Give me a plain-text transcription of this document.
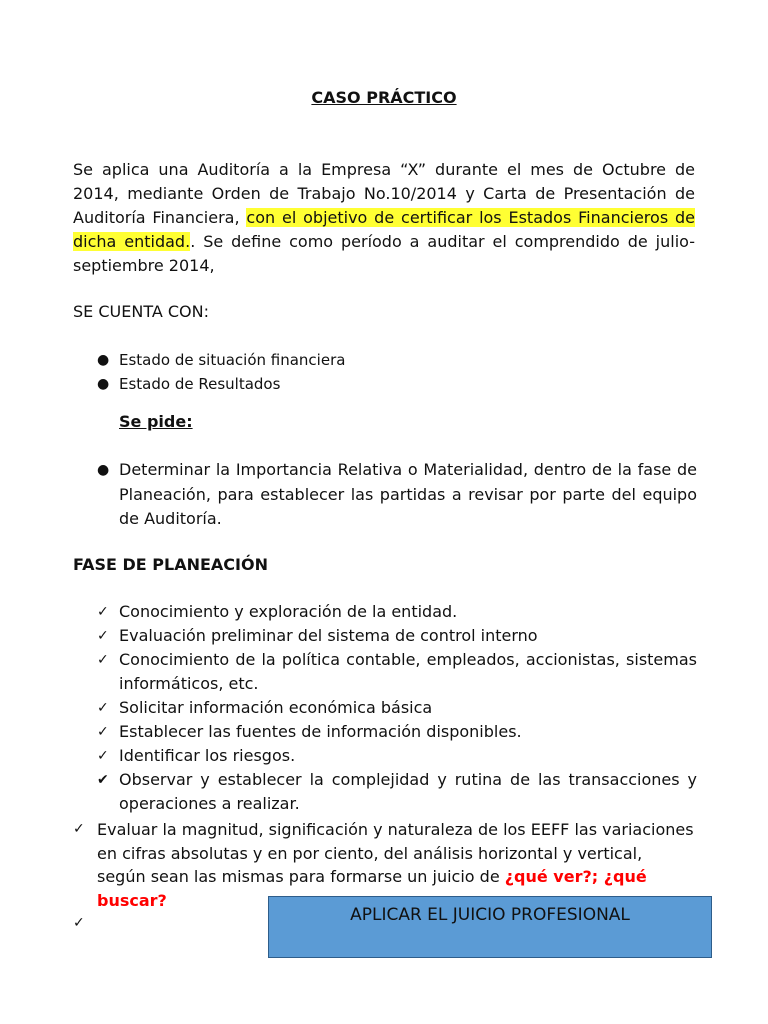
CASO PRÁCTICO
Se aplica una Auditoría a la Empresa “X” durante el mes de Octubre de 2014, mediante Orden de Trabajo No.10/2014 y Carta de Presentación de Auditoría Financiera, con el objetivo de certificar los Estados Financieros de dicha entidad.. Se define como período a auditar el comprendido de julio-septiembre 2014,
SE CUENTA CON:
● Estado de situación financiera
● Estado de Resultados
Se pide:
● Determinar la Importancia Relativa o Materialidad, dentro de la fase de Planeación, para establecer las partidas a revisar por parte del equipo de Auditoría.
FASE DE PLANEACIÓN
✓ Conocimiento y exploración de la entidad.
✓ Evaluación preliminar del sistema de control interno
✓ Conocimiento de la política contable, empleados, accionistas, sistemas informáticos, etc.
✓ Solicitar información económica básica
✓ Establecer las fuentes de información disponibles.
✓ Identificar los riesgos.
✔ Observar y establecer la complejidad y rutina de las transacciones y operaciones a realizar.
✓ Evaluar la magnitud, significación y naturaleza de los EEFF las variaciones en cifras absolutas y en por ciento, del análisis horizontal y vertical, según sean las mismas para formarse un juicio de ¿qué ver?; ¿qué buscar?
✓
	APLICAR EL JUICIO PROFESIONAL
